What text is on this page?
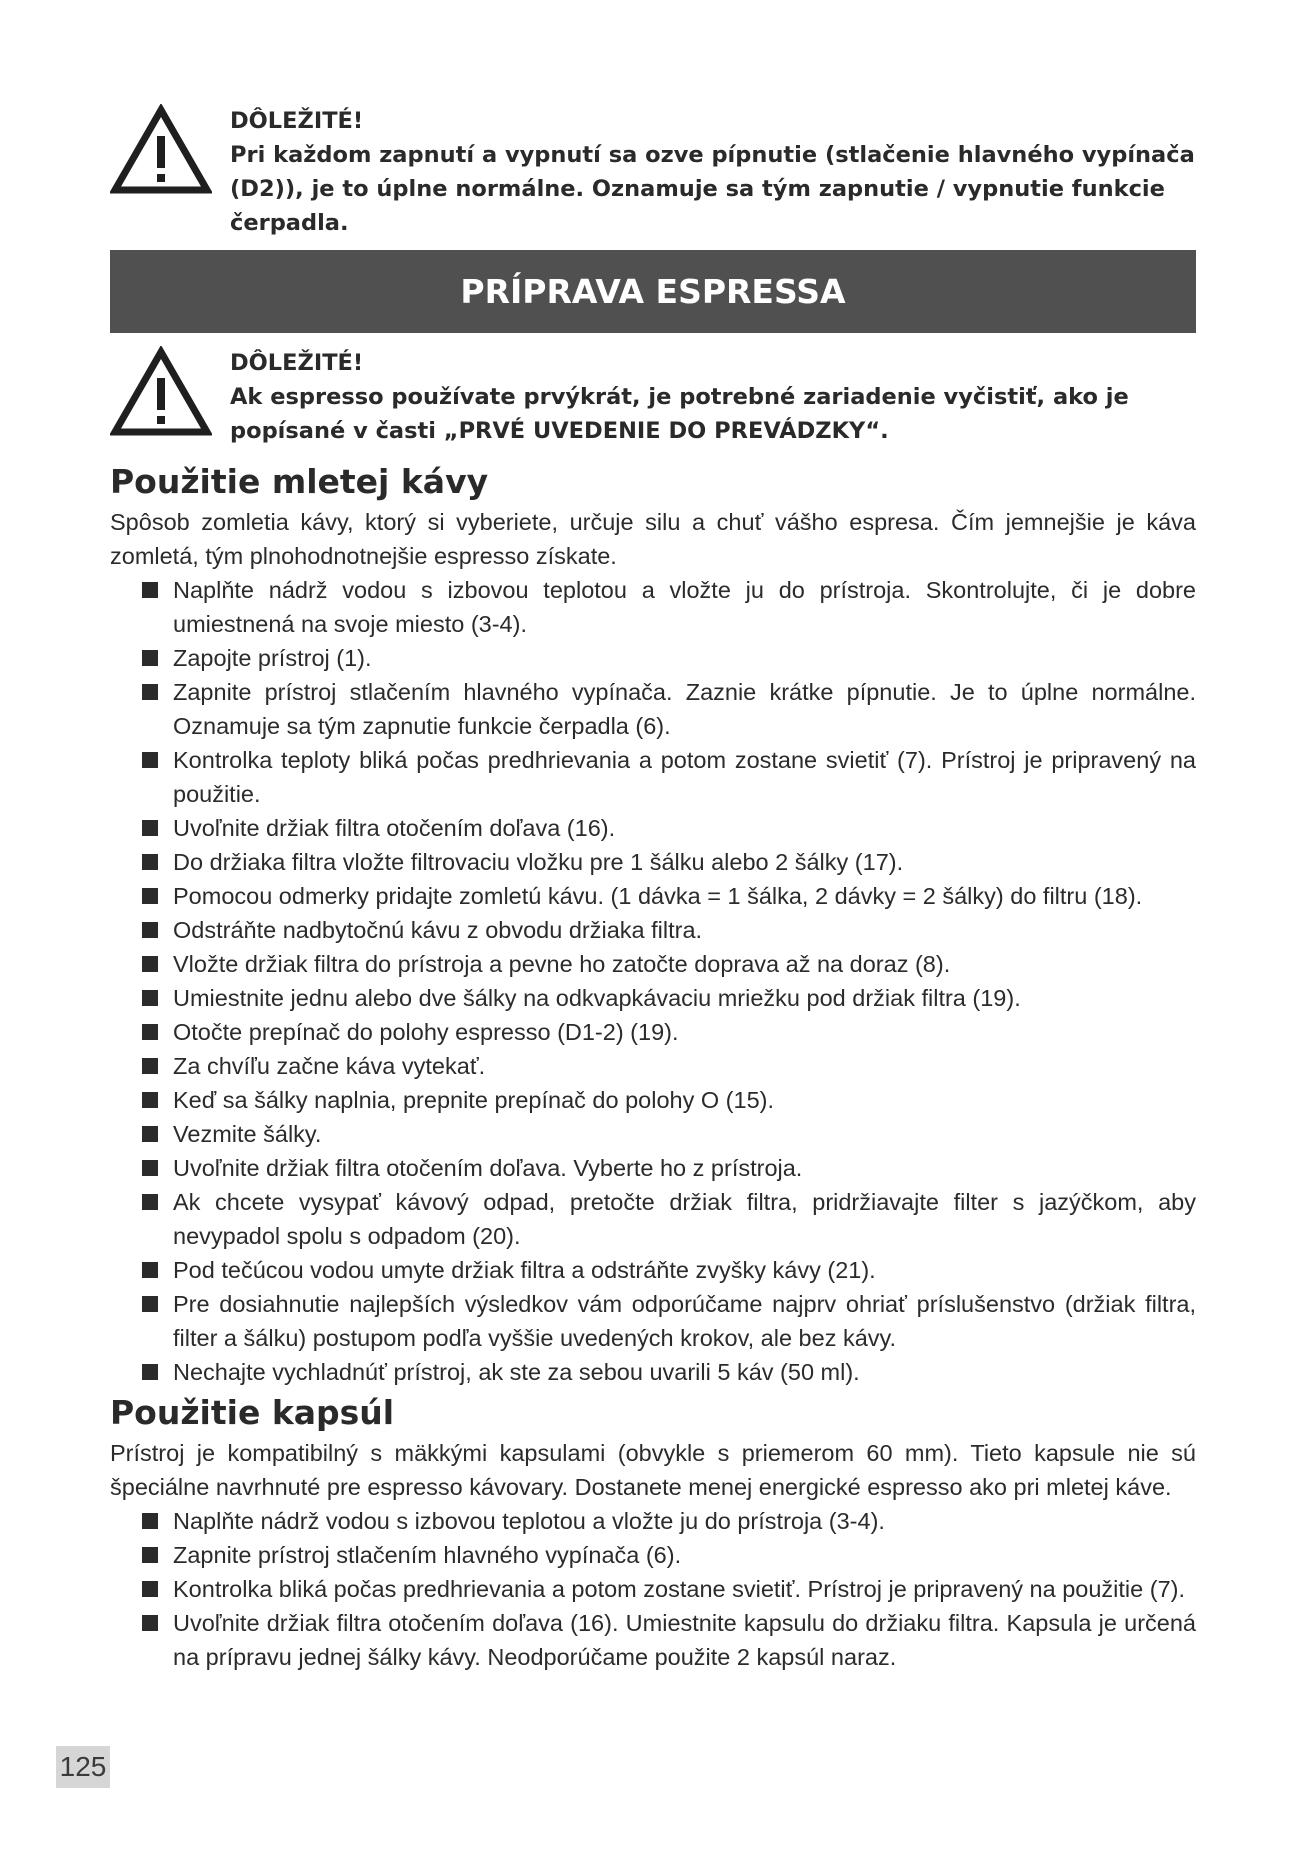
DÔLEŽITÉ!
Pri každom zapnutí a vypnutí sa ozve pípnutie (stlačenie hlavného vypínača (D2)), je to úplne normálne. Oznamuje sa tým zapnutie / vypnutie funkcie čerpadla.
PRÍPRAVA ESPRESSA
DÔLEŽITÉ!
Ak espresso používate prvýkrát, je potrebné zariadenie vyčistiť, ako je popísané v časti „PRVÉ UVEDENIE DO PREVÁDZKY“.
Použitie mletej kávy

Spôsob zomletia kávy, ktorý si vyberiete, určuje silu a chuť vášho espresa. Čím jemnejšie je káva zomletá, tým plnohodnotnejšie espresso získate.

Naplňte nádrž vodou s izbovou teplotou a vložte ju do prístroja. Skontrolujte, či je dobre umiestnená na svoje miesto (3-4).
Zapojte prístroj (1).
Zapnite prístroj stlačením hlavného vypínača. Zaznie krátke pípnutie. Je to úplne normálne. Oznamuje sa tým zapnutie funkcie čerpadla (6).
Kontrolka teploty bliká počas predhrievania a potom zostane svietiť (7). Prístroj je pripravený na použitie.
Uvoľnite držiak filtra otočením doľava (16).
Do držiaka filtra vložte filtrovaciu vložku pre 1 šálku alebo 2 šálky (17).
Pomocou odmerky pridajte zomletú kávu. (1 dávka = 1 šálka, 2 dávky = 2 šálky) do filtru (18).
Odstráňte nadbytočnú kávu z obvodu držiaka filtra.
Vložte držiak filtra do prístroja a pevne ho zatočte doprava až na doraz (8).
Umiestnite jednu alebo dve šálky na odkvapkávaciu mriežku pod držiak filtra (19).
Otočte prepínač do polohy espresso (D1-2) (19).
Za chvíľu začne káva vytekať.
Keď sa šálky naplnia, prepnite prepínač do polohy O (15).
Vezmite šálky.
Uvoľnite držiak filtra otočením doľava. Vyberte ho z prístroja.
Ak chcete vysypať kávový odpad, pretočte držiak filtra, pridržiavajte filter s jazýčkom, aby nevypadol spolu s odpadom (20).
Pod tečúcou vodou umyte držiak filtra a odstráňte zvyšky kávy (21).
Pre dosiahnutie najlepších výsledkov vám odporúčame najprv ohriať príslušenstvo (držiak filtra, filter a šálku) postupom podľa vyššie uvedených krokov, ale bez kávy.
Nechajte vychladnúť prístroj, ak ste za sebou uvarili 5 káv (50 ml).
Použitie kapsúl

Prístroj je kompatibilný s mäkkými kapsulami (obvykle s priemerom 60 mm). Tieto kapsule nie sú špeciálne navrhnuté pre espresso kávovary. Dostanete menej energické espresso ako pri mletej káve.

Naplňte nádrž vodou s izbovou teplotou a vložte ju do prístroja (3-4).
Zapnite prístroj stlačením hlavného vypínača (6).
Kontrolka bliká počas predhrievania a potom zostane svietiť. Prístroj je pripravený na použitie (7).
Uvoľnite držiak filtra otočením doľava (16). Umiestnite kapsulu do držiaku filtra. Kapsula je určená na prípravu jednej šálky kávy. Neodporúčame použite 2 kapsúl naraz.
125
